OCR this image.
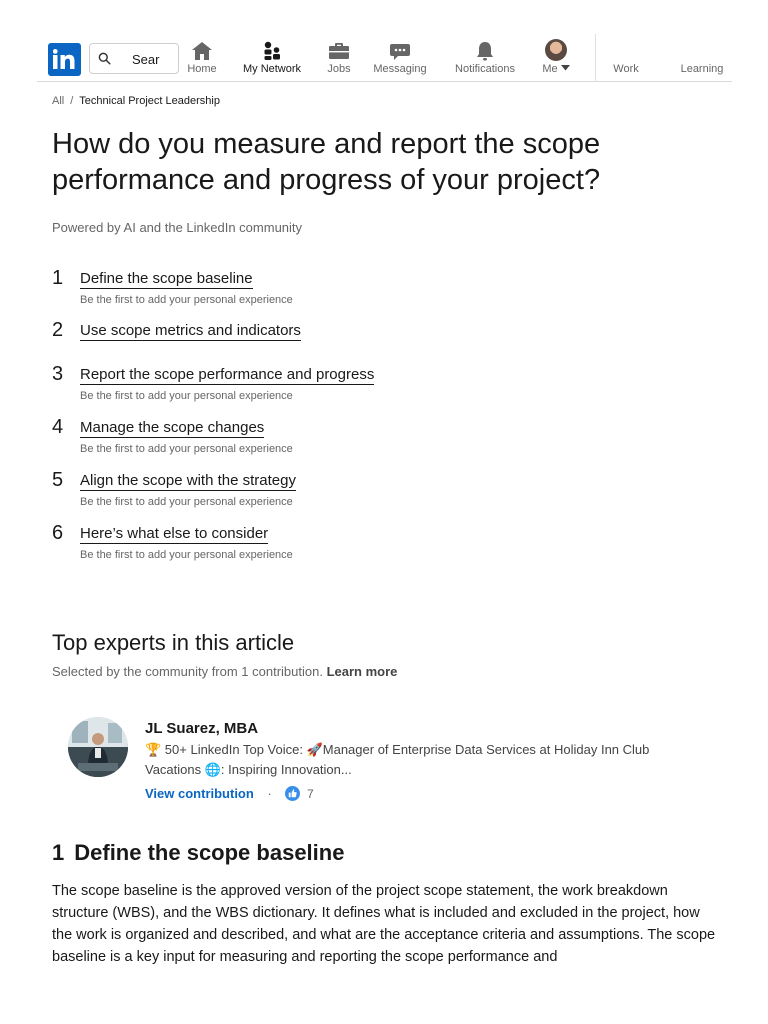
Sear
Home	My Network	Jobs	Messaging	Notifications	Me	Work	Learning
All / Technical Project Leadership
How do you measure and report the scope performance and progress of your project?
Powered by AI and the LinkedIn community
1 Define the scope baseline
Be the first to add your personal experience
2 Use scope metrics and indicators
3 Report the scope performance and progress
Be the first to add your personal experience
4 Manage the scope changes
Be the first to add your personal experience
5 Align the scope with the strategy
Be the first to add your personal experience
6 Here’s what else to consider
Be the first to add your personal experience
Top experts in this article
Selected by the community from 1 contribution. Learn more
JL Suarez, MBA
🏆 50+ LinkedIn Top Voice: 🚀Manager of Enterprise Data Services at Holiday Inn Club Vacations 🌐: Inspiring Innovation...
View contribution ·	7
1 Define the scope baseline

The scope baseline is the approved version of the project scope statement, the work breakdown structure (WBS), and the WBS dictionary. It defines what is included and excluded in the project, how the work is organized and described, and what are the acceptance criteria and assumptions. The scope baseline is a key input for measuring and reporting the scope performance and
